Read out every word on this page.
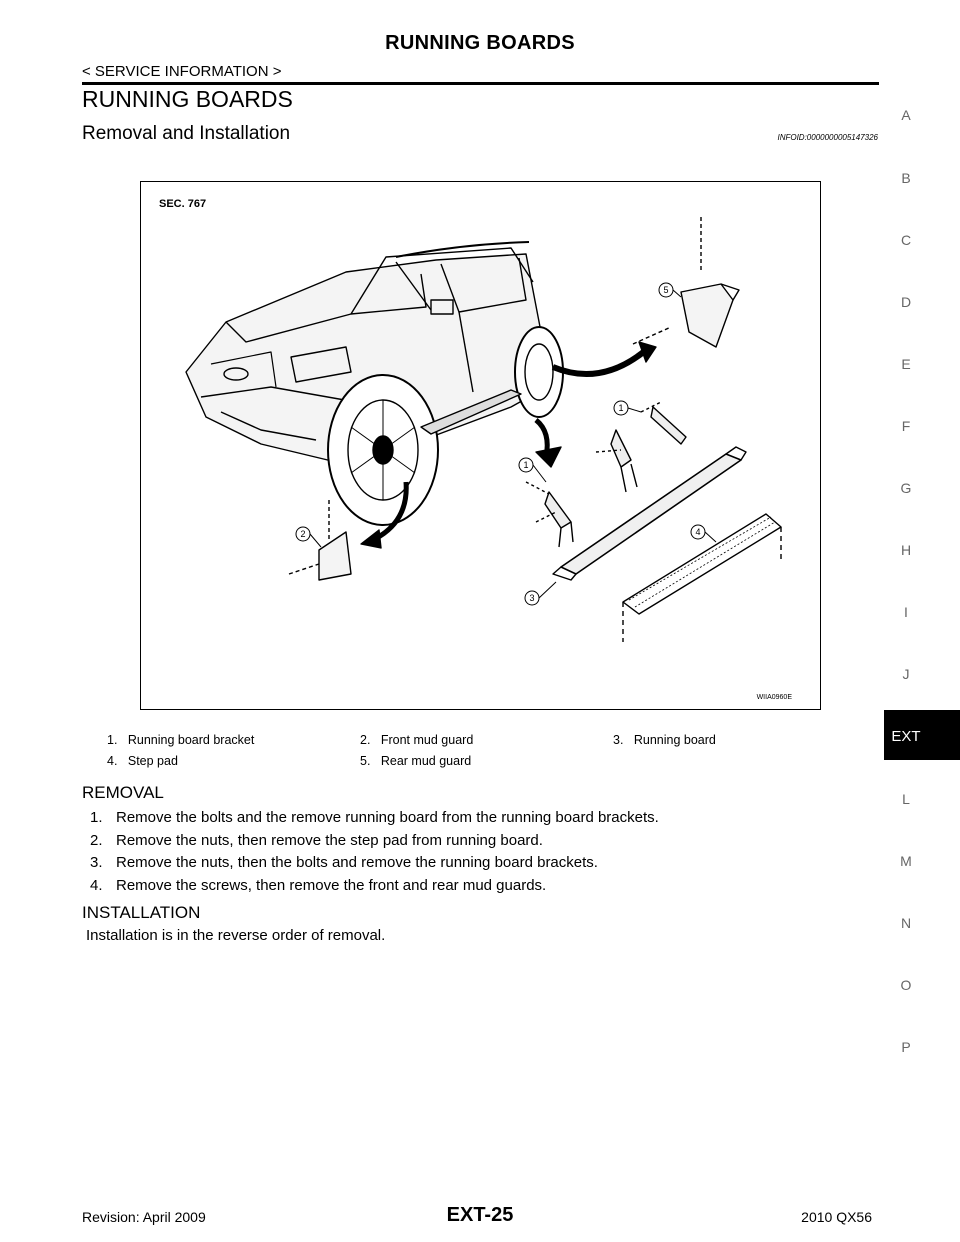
RUNNING BOARDS
< SERVICE INFORMATION >
RUNNING BOARDS
Removal and Installation	INFOID:0000000005147326
A
B
C
D
E
F
G
H
I
J
EXT
L
M
N
O
P
SEC. 767
5
1
1
2
3
4
WIIA0960E
1. Running board bracket	2. Front mud guard	3. Running board
4. Step pad	5. Rear mud guard
REMOVAL
1. Remove the bolts and the remove running board from the running board brackets.
2. Remove the nuts, then remove the step pad from running board.
3. Remove the nuts, then the bolts and remove the running board brackets.
4. Remove the screws, then remove the front and rear mud guards.
INSTALLATION
Installation is in the reverse order of removal.
Revision: April 2009	EXT-25	2010 QX56
